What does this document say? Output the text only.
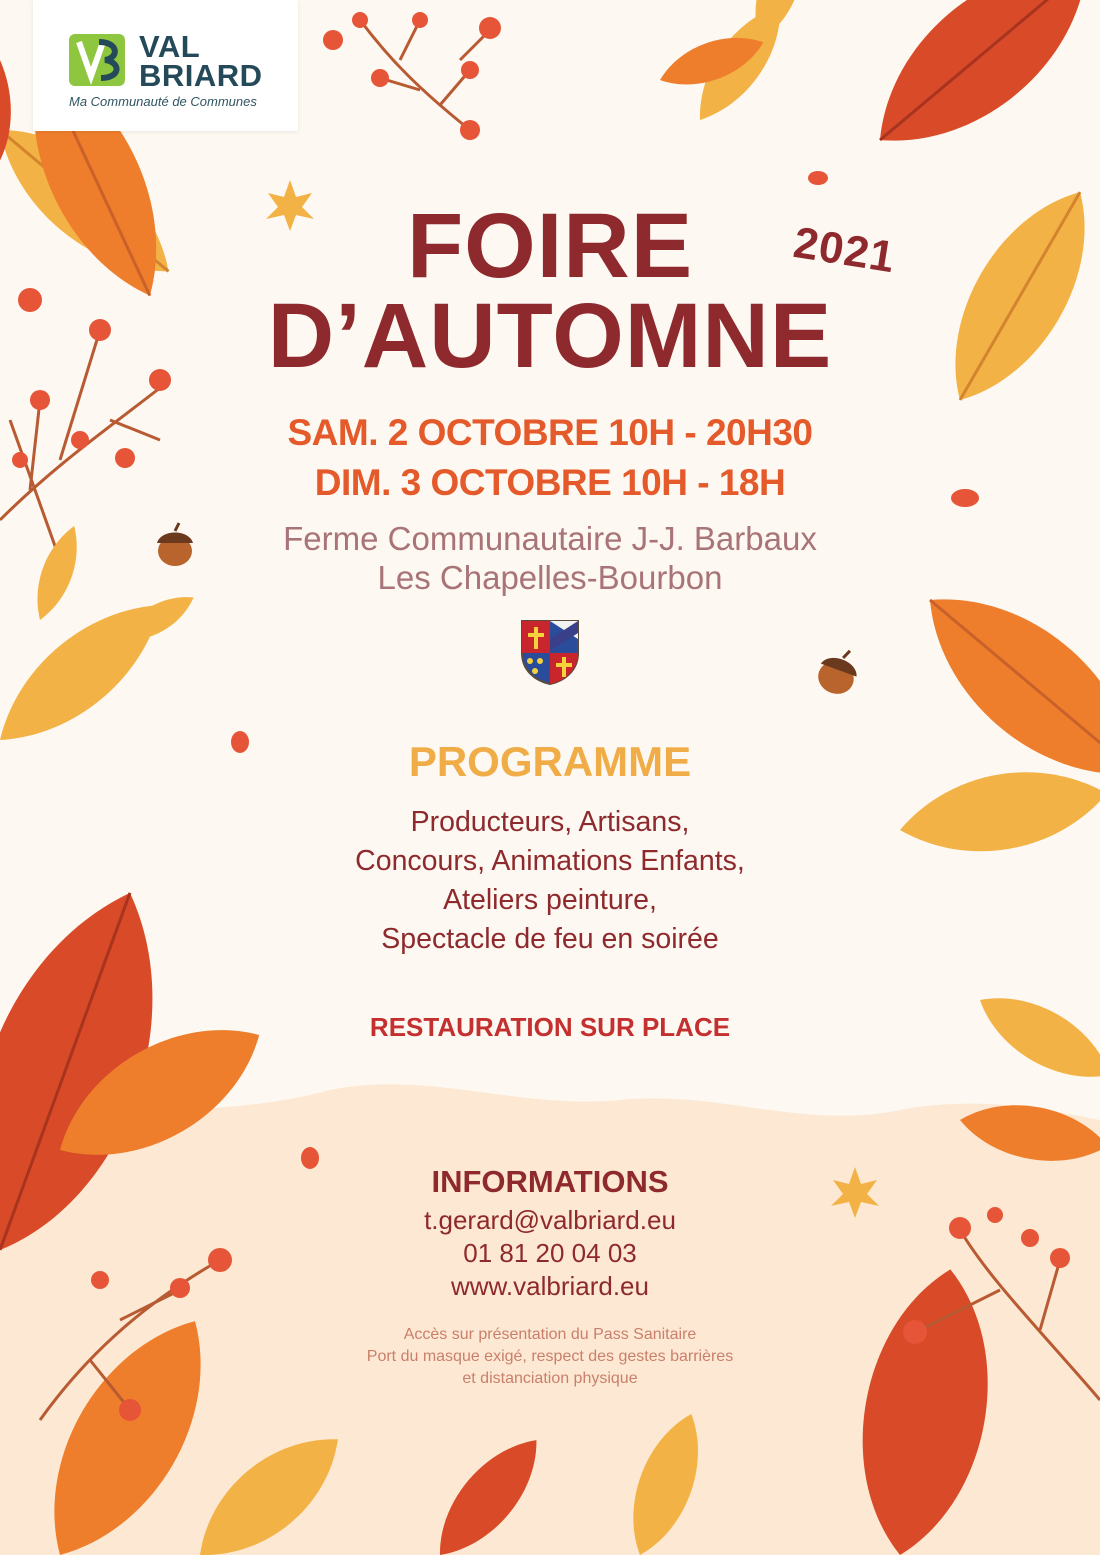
VAL
BRIARD
Ma Communauté de Communes
FOIRE
D’AUTOMNE
2021
SAM. 2 OCTOBRE 10H - 20H30
DIM. 3 OCTOBRE 10H - 18H
Ferme Communautaire J-J. Barbaux
Les Chapelles-Bourbon
PROGRAMME
Producteurs, Artisans,
Concours, Animations Enfants,
Ateliers peinture,
Spectacle de feu en soirée
RESTAURATION SUR PLACE
INFORMATIONS
t.gerard@valbriard.eu
01 81 20 04 03
www.valbriard.eu
Accès sur présentation du Pass Sanitaire
Port du masque exigé, respect des gestes barrières
et distanciation physique
